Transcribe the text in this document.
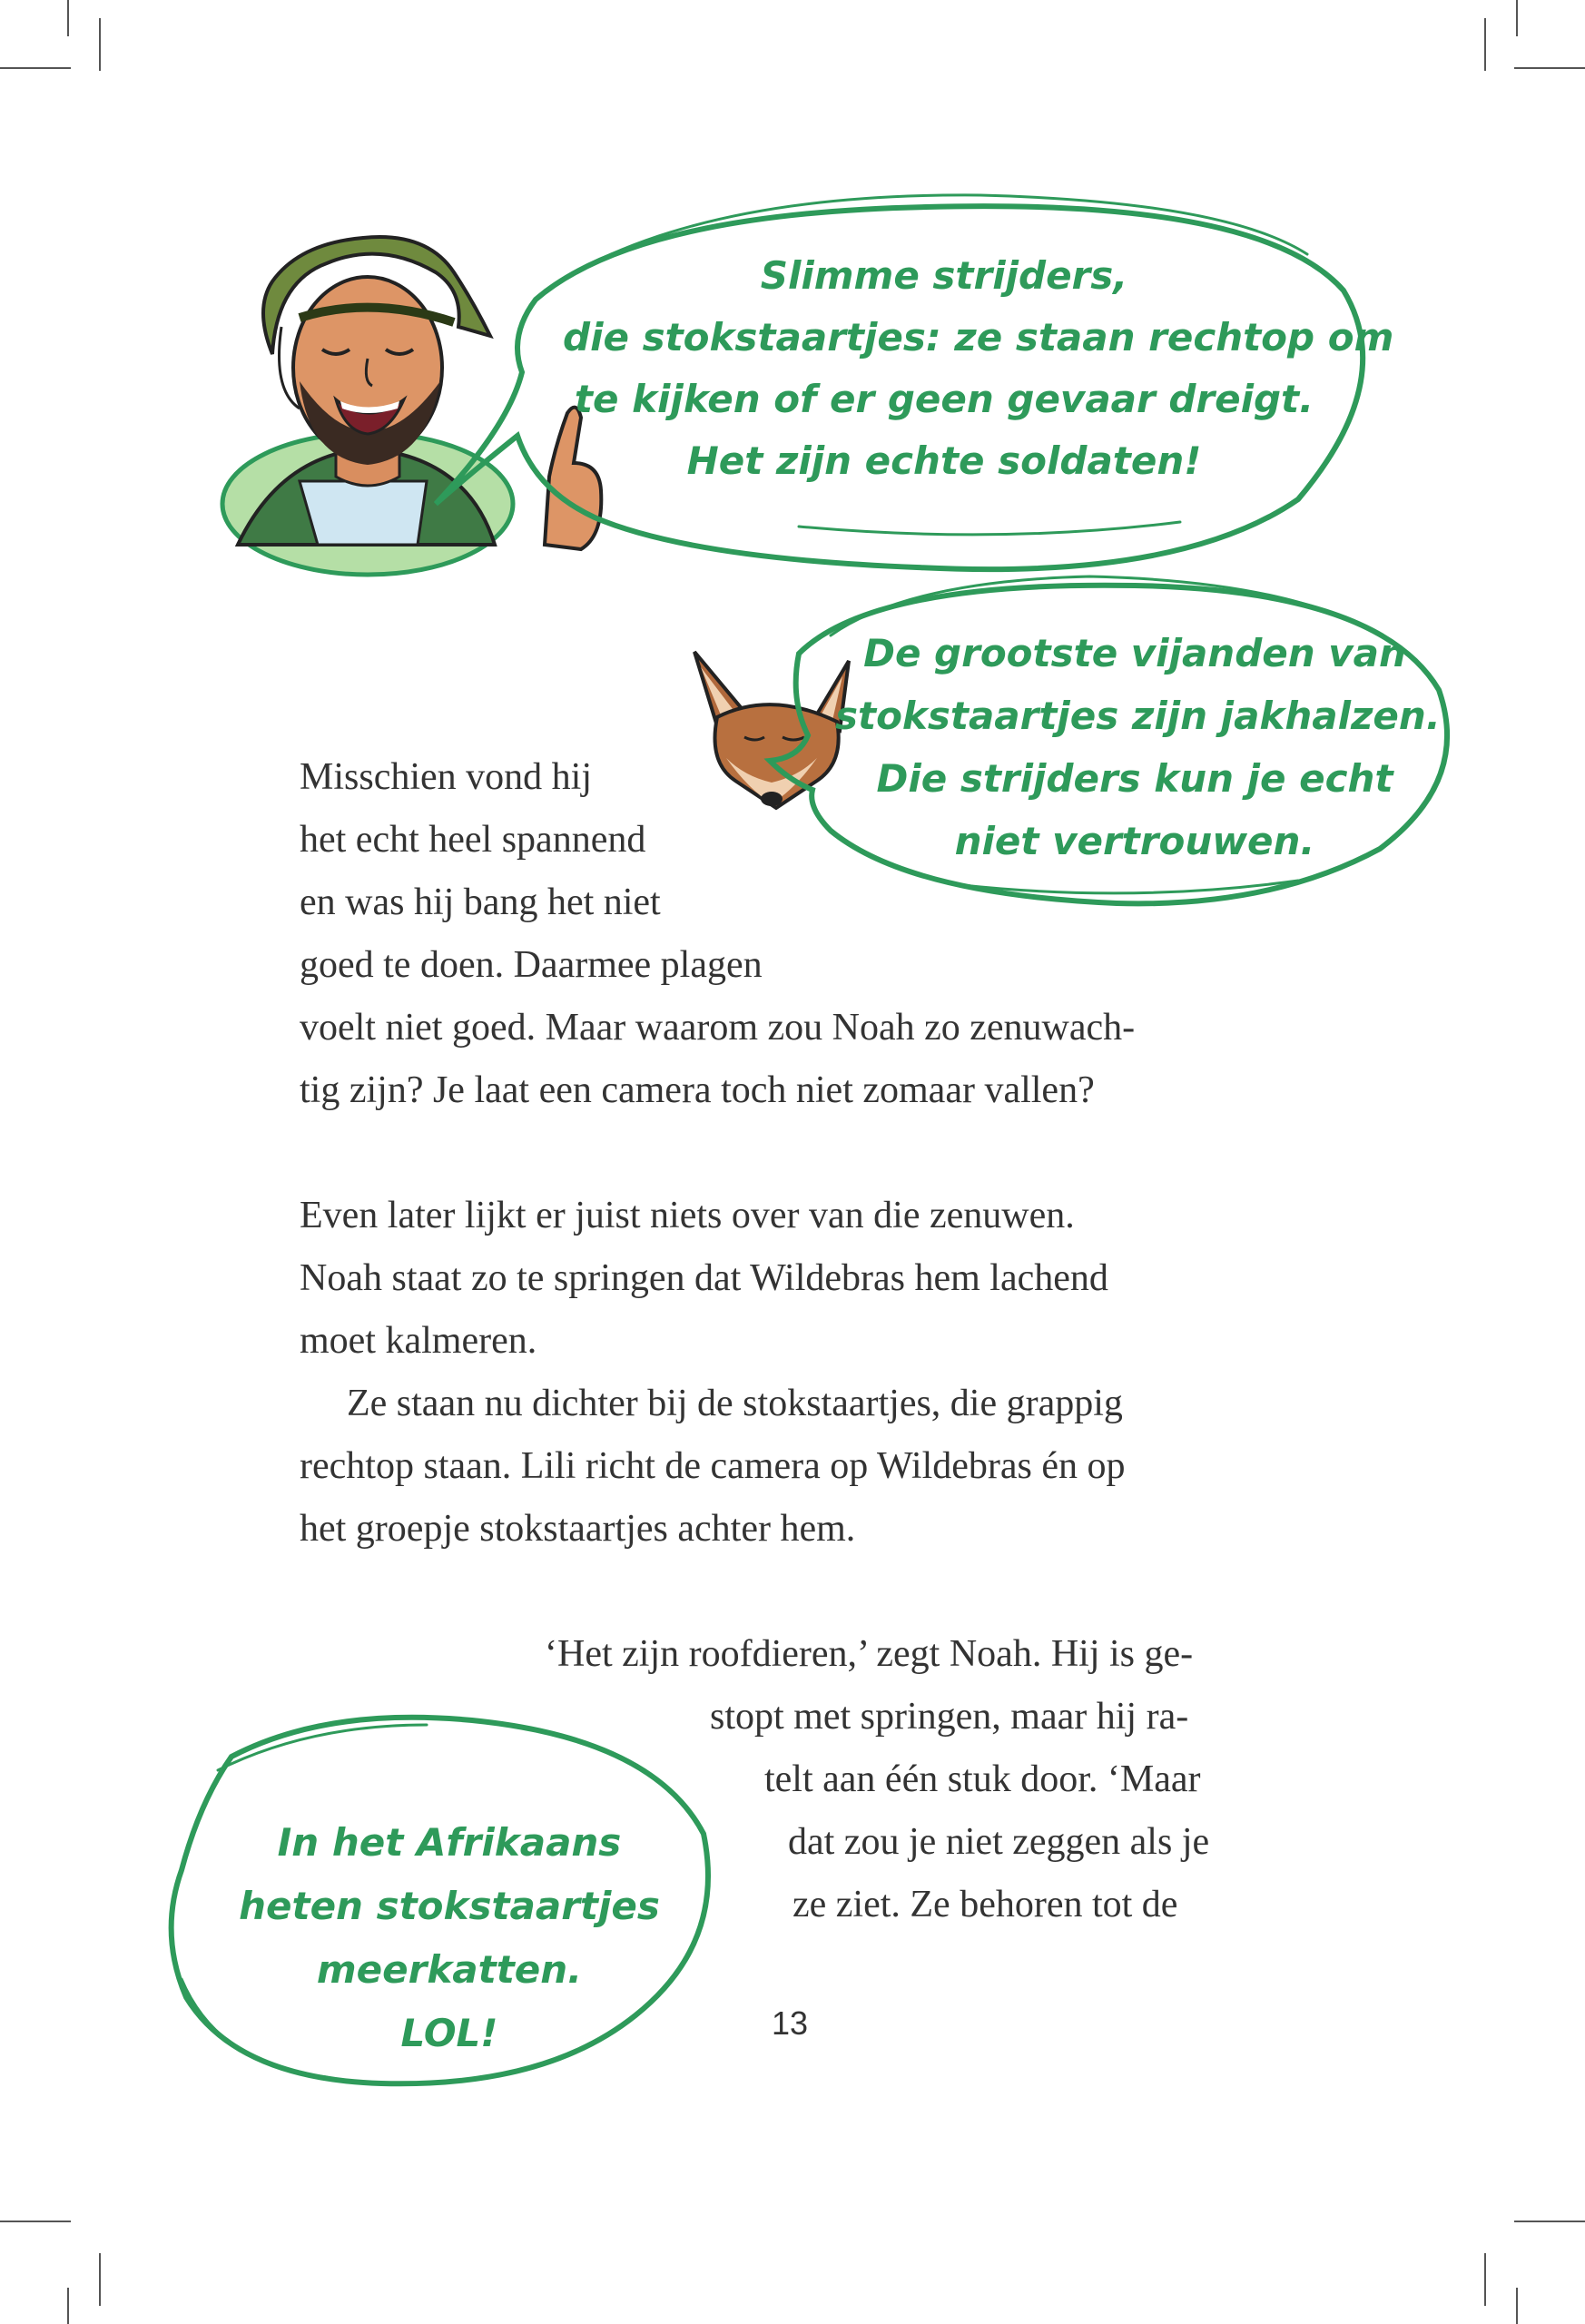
Slimme strijders,
die stokstaartjes: ze staan rechtop om
te kijken of er geen gevaar dreigt.
Het zijn echte soldaten!
De grootste vijanden van
stokstaartjes zijn jakhalzen.
Die strijders kun je echt
niet vertrouwen.
In het Afrikaans
heten stokstaartjes
meerkatten.
LOL!
Misschien vond hij
het echt heel spannend
en was hij bang het niet
goed te doen. Daarmee plagen
voelt niet goed. Maar waarom zou Noah zo zenuwach-
tig zijn? Je laat een camera toch niet zomaar vallen?
Even later lijkt er juist niets over van die zenuwen.
Noah staat zo te springen dat Wildebras hem lachend
moet kalmeren.
Ze staan nu dichter bij de stokstaartjes, die grappig
rechtop staan. Lili richt de camera op Wildebras én op
het groepje stokstaartjes achter hem.
‘Het zijn roofdieren,’ zegt Noah. Hij is ge-
stopt met springen, maar hij ra-
telt aan één stuk door. ‘Maar
dat zou je niet zeggen als je
ze ziet. Ze behoren tot de
13
